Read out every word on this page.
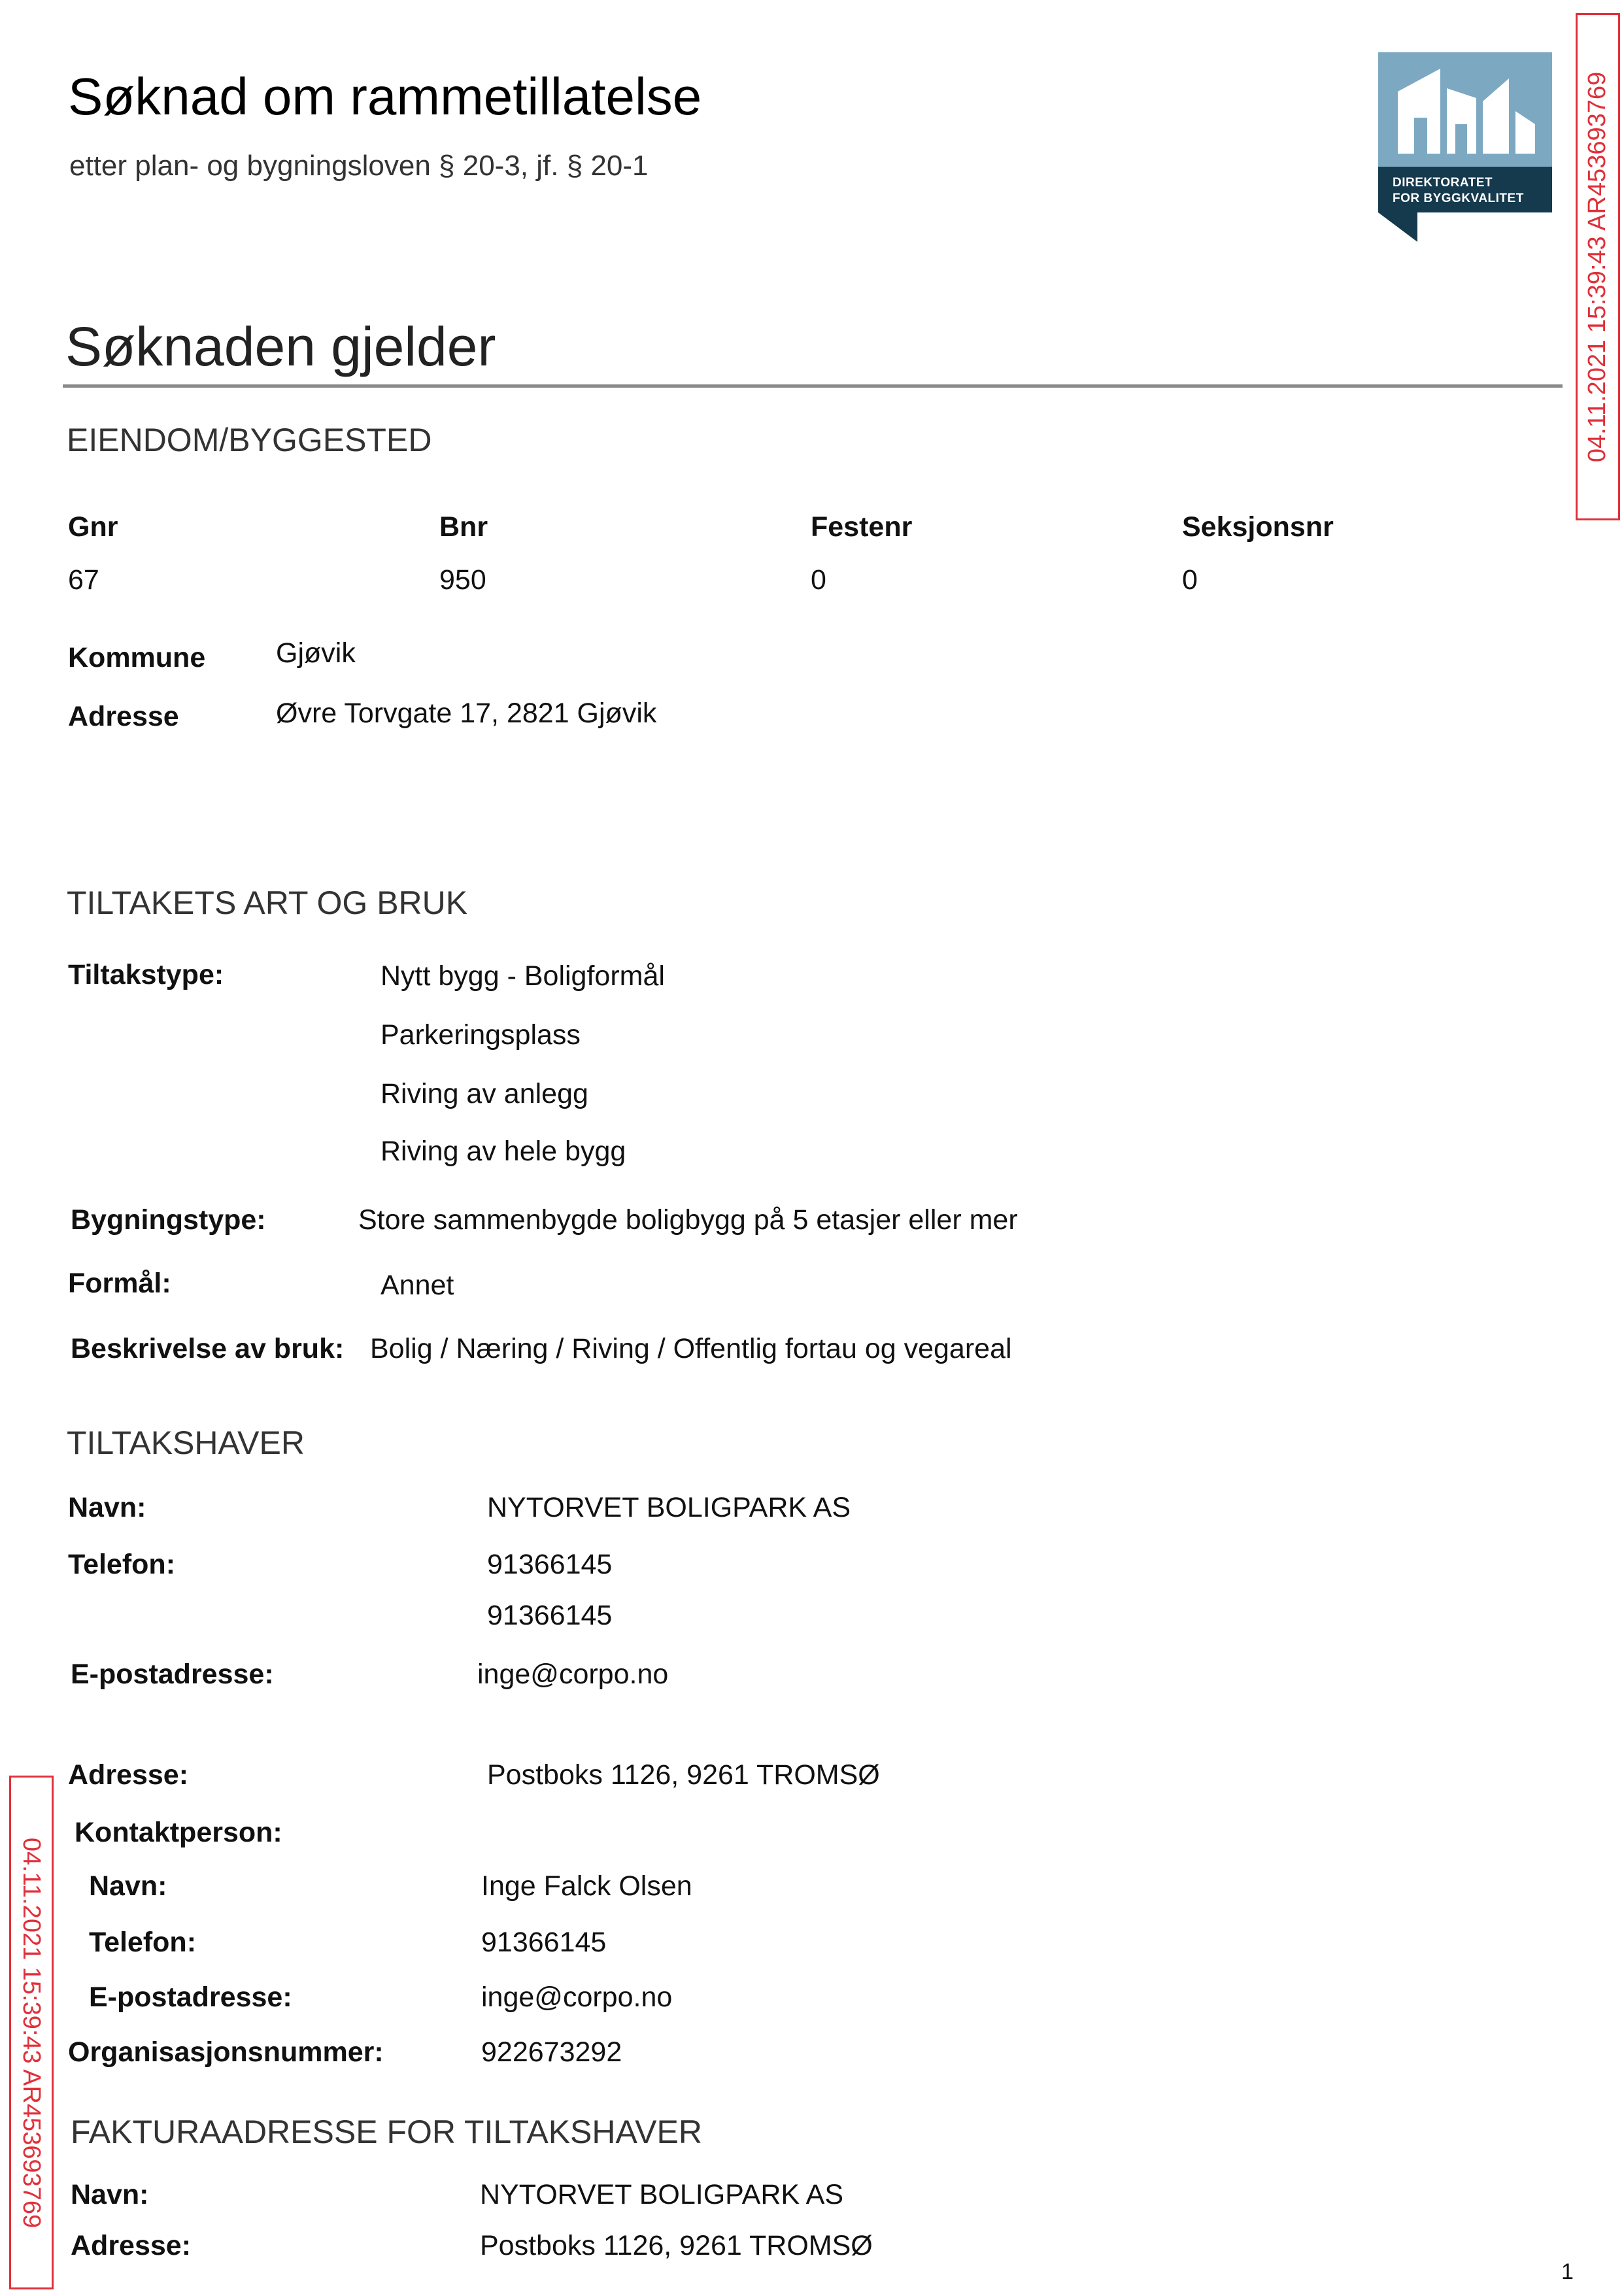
Søknad om rammetillatelse
etter plan- og bygningsloven § 20-3, jf. § 20-1
DIREKTORATET
FOR BYGGKVALITET 04.11.2021 15:39:43 AR453693769
04.11.2021 15:39:43 AR453693769
Søknaden gjelder
EIENDOM/BYGGESTED
Gnr	Bnr	Festenr	Seksjonsnr
67	950	0	0
Kommune	Gjøvik
Adresse	Øvre Torvgate 17, 2821 Gjøvik
TILTAKETS ART OG BRUK
Tiltakstype:	Nytt bygg - Boligformål
Parkeringsplass
Riving av anlegg
Riving av hele bygg
Bygningstype:	Store sammenbygde boligbygg på 5 etasjer eller mer
Formål:	Annet
Beskrivelse av bruk: Bolig / Næring / Riving / Offentlig fortau og vegareal
TILTAKSHAVER
Navn:	NYTORVET BOLIGPARK AS
Telefon:	91366145
91366145
E-postadresse:	inge@corpo.no
Adresse:	Postboks 1126, 9261 TROMSØ
Kontaktperson:
Navn:	Inge Falck Olsen
Telefon:	91366145
E-postadresse:	inge@corpo.no
Organisasjonsnummer:	922673292
FAKTURAADRESSE FOR TILTAKSHAVER
Navn:	NYTORVET BOLIGPARK AS
Adresse:	Postboks 1126, 9261 TROMSØ
1
